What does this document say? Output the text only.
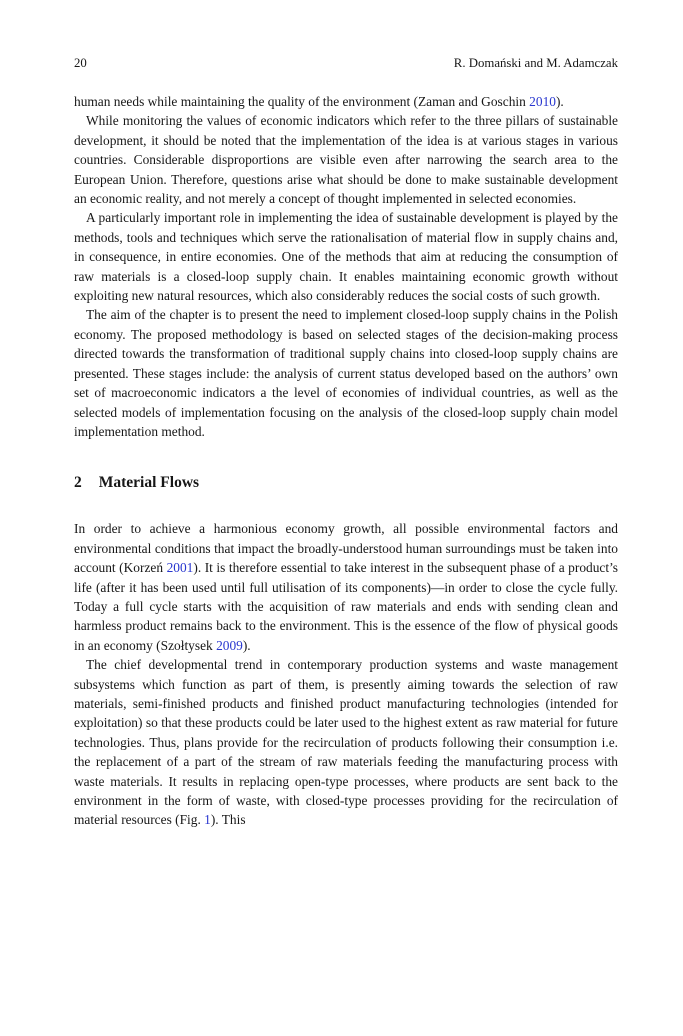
20	R. Domański and M. Adamczak

human needs while maintaining the quality of the environment (Zaman and Goschin 2010).

While monitoring the values of economic indicators which refer to the three pillars of sustainable development, it should be noted that the implementation of the idea is at various stages in various countries. Considerable disproportions are visible even after narrowing the search area to the European Union. Therefore, questions arise what should be done to make sustainable development an economic reality, and not merely a concept of thought implemented in selected economies.

A particularly important role in implementing the idea of sustainable development is played by the methods, tools and techniques which serve the rationalisation of material flow in supply chains and, in consequence, in entire economies. One of the methods that aim at reducing the consumption of raw materials is a closed-loop supply chain. It enables maintaining economic growth without exploiting new natural resources, which also considerably reduces the social costs of such growth.

The aim of the chapter is to present the need to implement closed-loop supply chains in the Polish economy. The proposed methodology is based on selected stages of the decision-making process directed towards the transformation of traditional supply chains into closed-loop supply chains are presented. These stages include: the analysis of current status developed based on the authors’ own set of macroeconomic indicators a the level of economies of individual countries, as well as the selected models of implementation focusing on the analysis of the closed-loop supply chain model implementation method.

2 Material Flows

In order to achieve a harmonious economy growth, all possible environmental factors and environmental conditions that impact the broadly-understood human surroundings must be taken into account (Korzeń 2001). It is therefore essential to take interest in the subsequent phase of a product’s life (after it has been used until full utilisation of its components)—in order to close the cycle fully. Today a full cycle starts with the acquisition of raw materials and ends with sending clean and harmless product remains back to the environment. This is the essence of the flow of physical goods in an economy (Szołtysek 2009).

The chief developmental trend in contemporary production systems and waste management subsystems which function as part of them, is presently aiming towards the selection of raw materials, semi-finished products and finished product manufacturing technologies (intended for exploitation) so that these products could be later used to the highest extent as raw material for future technologies. Thus, plans provide for the recirculation of products following their consumption i.e. the replacement of a part of the stream of raw materials feeding the manufacturing process with waste materials. It results in replacing open-type processes, where products are sent back to the environment in the form of waste, with closed-type processes providing for the recirculation of material resources (Fig. 1). This
